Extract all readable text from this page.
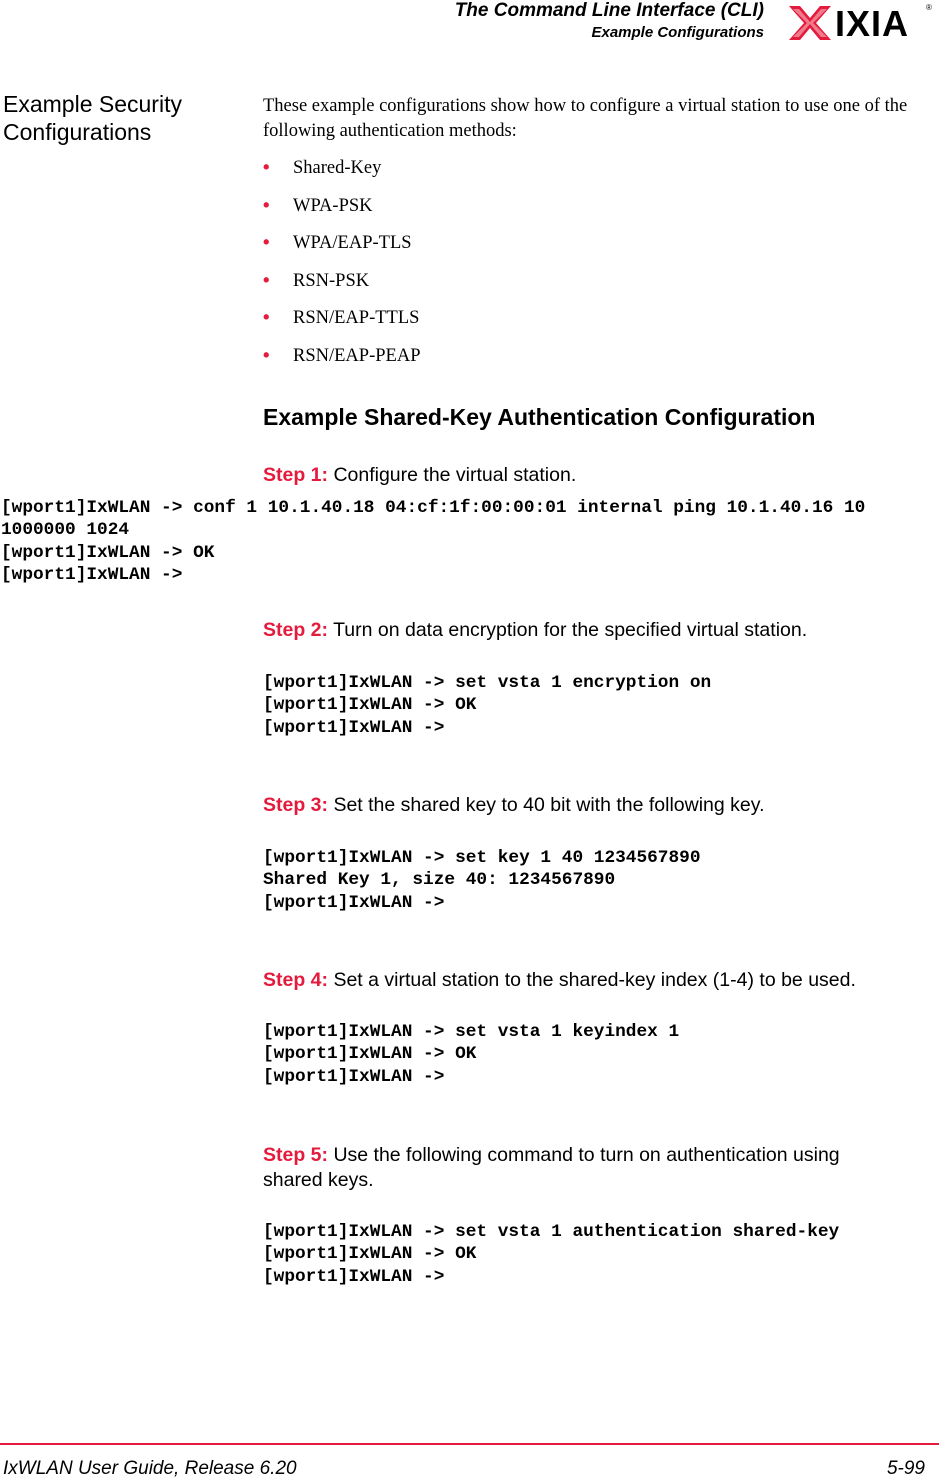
The Command Line Interface (CLI)
Example Configurations IXIA ®
Example Security Configurations
These example configurations show how to configure a virtual station to use one of the following authentication methods:
• Shared-Key
• WPA-PSK
• WPA/EAP-TLS
• RSN-PSK
• RSN/EAP-TTLS
• RSN/EAP-PEAP
Example Shared-Key Authentication Configuration
Step 1: Configure the virtual station.
[wport1]IxWLAN -> conf 1 10.1.40.18 04:cf:1f:00:00:01 internal ping 10.1.40.16 10
1000000 1024
[wport1]IxWLAN -> OK
[wport1]IxWLAN ->
Step 2: Turn on data encryption for the specified virtual station.
[wport1]IxWLAN -> set vsta 1 encryption on
[wport1]IxWLAN -> OK
[wport1]IxWLAN ->
Step 3: Set the shared key to 40 bit with the following key.
[wport1]IxWLAN -> set key 1 40 1234567890
Shared Key 1, size 40: 1234567890
[wport1]IxWLAN ->
Step 4: Set a virtual station to the shared-key index (1-4) to be used.
[wport1]IxWLAN -> set vsta 1 keyindex 1
[wport1]IxWLAN -> OK
[wport1]IxWLAN ->
Step 5: Use the following command to turn on authentication using shared keys.
[wport1]IxWLAN -> set vsta 1 authentication shared-key
[wport1]IxWLAN -> OK
[wport1]IxWLAN ->
IxWLAN User Guide, Release 6.20	5-99
